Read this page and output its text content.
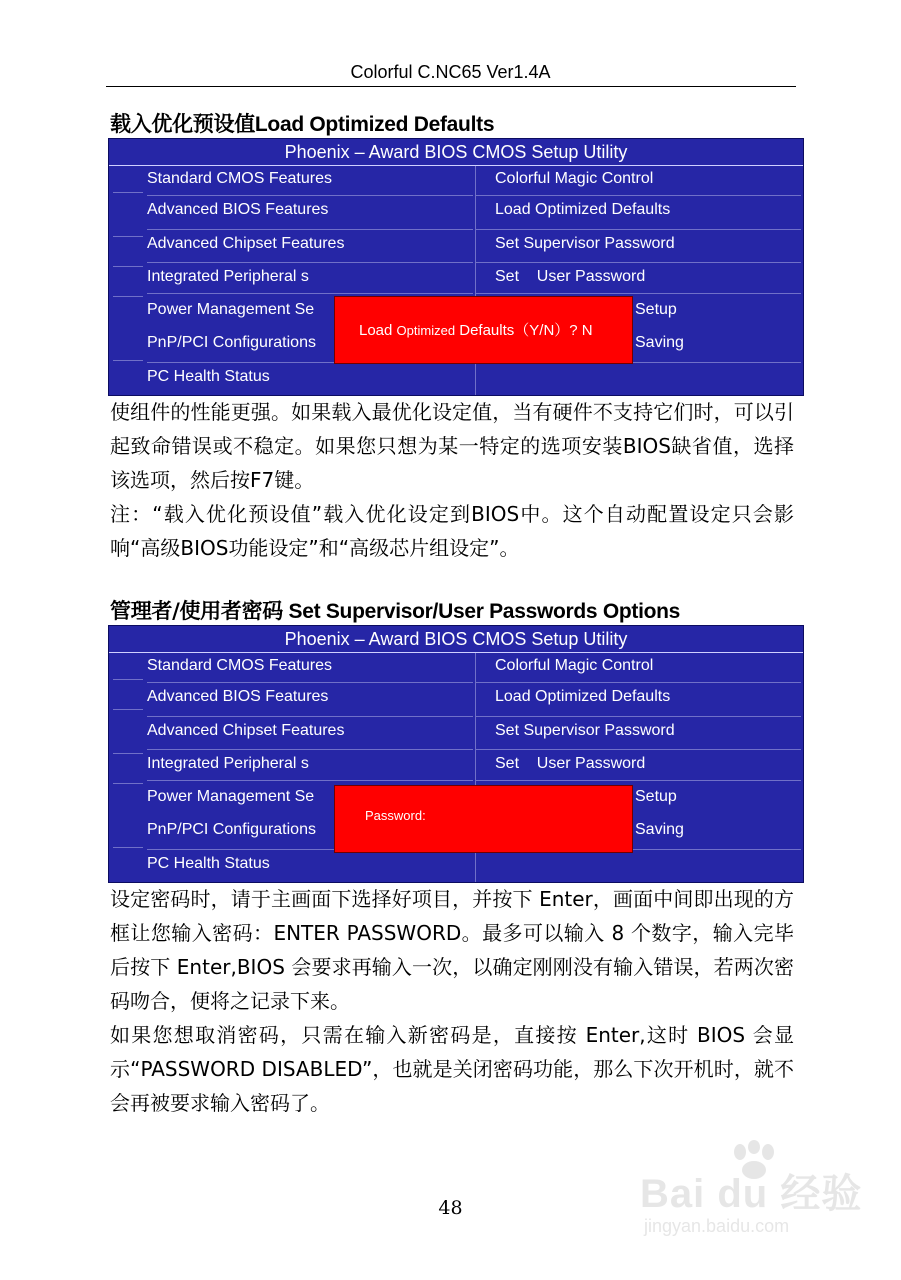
Colorful C.NC65 Ver1.4A
载入优化预设值Load Optimized Defaults
Phoenix – Award BIOS CMOS Setup Utility
Standard CMOS Features
Advanced BIOS Features
Advanced Chipset Features
Integrated Peripheral s
Power Management Se
PnP/PCI Configurations
PC Health Status
Colorful Magic Control
Load Optimized Defaults
Set Supervisor Password
Set    User Password
Setup
Saving
Load Optimized Defaults（Y/N）? N

使组件的性能更强。如果载入最优化设定值，当有硬件不支持它们时，可以引起致命错误或不稳定。如果您只想为某一特定的选项安装BIOS缺省值，选择该选项，然后按F7键。

注：“载入优化预设值”载入优化设定到BIOS中。这个自动配置设定只会影响“高级BIOS功能设定”和“高级芯片组设定”。

管理者/使用者密码 Set Supervisor/User Passwords Options
Phoenix – Award BIOS CMOS Setup Utility
Standard CMOS Features
Advanced BIOS Features
Advanced Chipset Features
Integrated Peripheral s
Power Management Se
PnP/PCI Configurations
PC Health Status
Colorful Magic Control
Load Optimized Defaults
Set Supervisor Password
Set    User Password
Setup
Saving
Password:

设定密码时，请于主画面下选择好项目，并按下 Enter，画面中间即出现的方框让您输入密码：ENTER PASSWORD。最多可以输入 8 个数字，输入完毕后按下 Enter,BIOS 会要求再输入一次，以确定刚刚没有输入错误，若两次密码吻合，便将之记录下来。

如果您想取消密码，只需在输入新密码是，直接按 Enter,这时 BIOS 会显示“PASSWORD DISABLED”，也就是关闭密码功能，那么下次开机时，就不会再被要求输入密码了。

48	Bai du 经验
jingyan.baidu.com
